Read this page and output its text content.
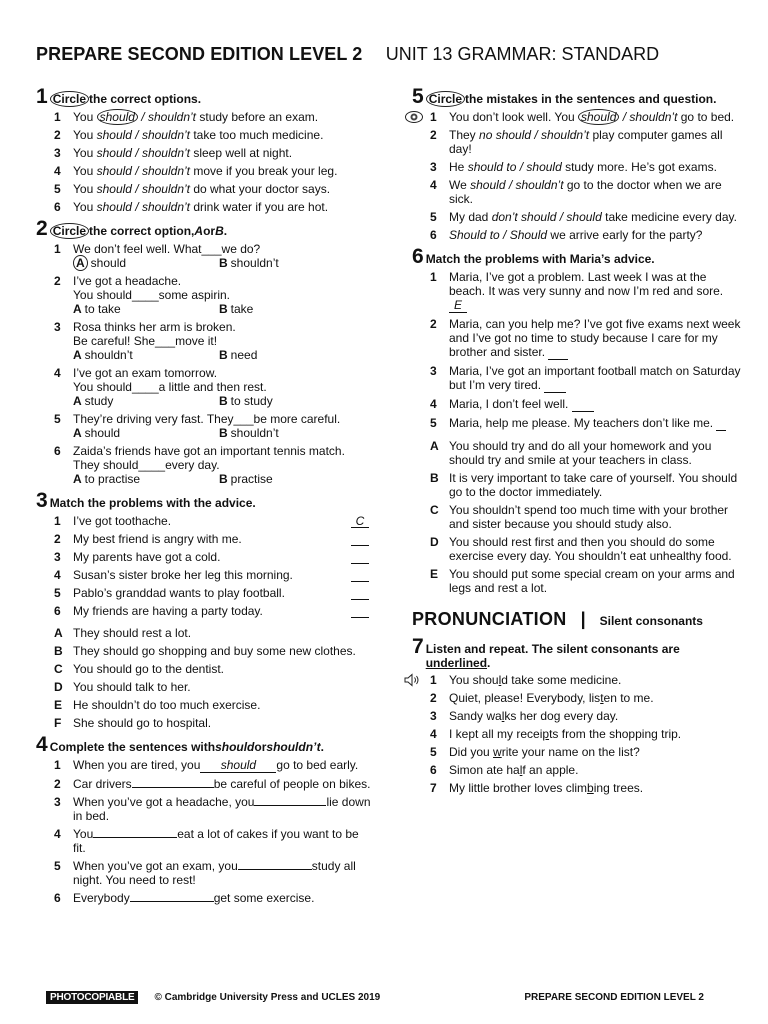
PREPARE SECOND EDITION LEVEL 2 UNIT 13 GRAMMAR: STANDARD
1 Circle the correct options.
1	You should / shouldn’t study before an exam.
2	You should / shouldn’t take too much medicine.
3	You should / shouldn’t sleep well at night.
4	You should / shouldn’t move if you break your leg.
5	You should / shouldn’t do what your doctor says.
6	You should / shouldn’t drink water if you are hot.
2 Circle the correct option, A or B .
1	We don’t feel well. What___we do?
A should	B shouldn’t
2	I’ve got a headache.
You should____some aspirin.
A to take	B take
3	Rosa thinks her arm is broken.
Be careful! She___move it!
A shouldn’t	B need
4	I’ve got an exam tomorrow.
You should____a little and then rest.
A study	B to study
5	They’re driving very fast. They___be more careful.
A should	B shouldn’t
6	Zaida’s friends have got an important tennis match.
They should____every day.
A to practise	B practise
3 Match the problems with the advice.
1	I’ve got toothache.	C
2	My best friend is angry with me.
3	My parents have got a cold.
4	Susan’s sister broke her leg this morning.
5	Pablo’s granddad wants to play football.
6	My friends are having a party today.
A They should rest a lot.
B They should go shopping and buy some new clothes.
C You should go to the dentist.
D You should talk to her.
E He shouldn’t do too much exercise.
F She should go to hospital.
4 Complete the sentences with should or shouldn’t .
1	When you are tired, you should go to bed early.
2	Car drivers	be careful of people on bikes.
3	When you’ve got a headache, you	lie down in bed.
4	You	eat a lot of cakes if you want to be fit.
5	When you’ve got an exam, you	study all night. You need to rest!
6	Everybody	get some exercise.
5 Circle the mistakes in the sentences and question.
1	You don’t look well. You should / shouldn’t go to bed.
2	They no should / shouldn’t play computer games all day!
3	He should to / should study more. He’s got exams.
4	We should / shouldn’t go to the doctor when we are sick.
5	My dad don’t should / should take medicine every day.
6	Should to / Should we arrive early for the party?
6 Match the problems with Maria’s advice.
1	Maria, I’ve got a problem. Last week I was at the beach. It was very sunny and now I’m red and sore. E
2	Maria, can you help me? I’ve got five exams next week and I’ve got no time to study because I care for my brother and sister.
3	Maria, I’ve got an important football match on Saturday but I’m very tired.
4	Maria, I don’t feel well.
5	Maria, help me please. My teachers don’t like me.
A You should try and do all your homework and you should try and smile at your teachers in class.
B It is very important to take care of yourself. You should go to the doctor immediately.
C You shouldn’t spend too much time with your brother and sister because you should study also.
D You should rest first and then you should do some exercise every day. You shouldn’t eat unhealthy food.
E You should put some special cream on your arms and legs and rest a lot.
PRONUNCIATION | Silent consonants
7 Listen and repeat. The silent consonants are underlined.
1	You should take some medicine.
2	Quiet, please! Everybody, listen to me.
3	Sandy walks her dog every day.
4	I kept all my receipts from the shopping trip.
5	Did you write your name on the list?
6	Simon ate half an apple.
7	My little brother loves climbing trees.
PHOTOCOPIABLE	© Cambridge University Press and UCLES 2019	PREPARE SECOND EDITION LEVEL 2
